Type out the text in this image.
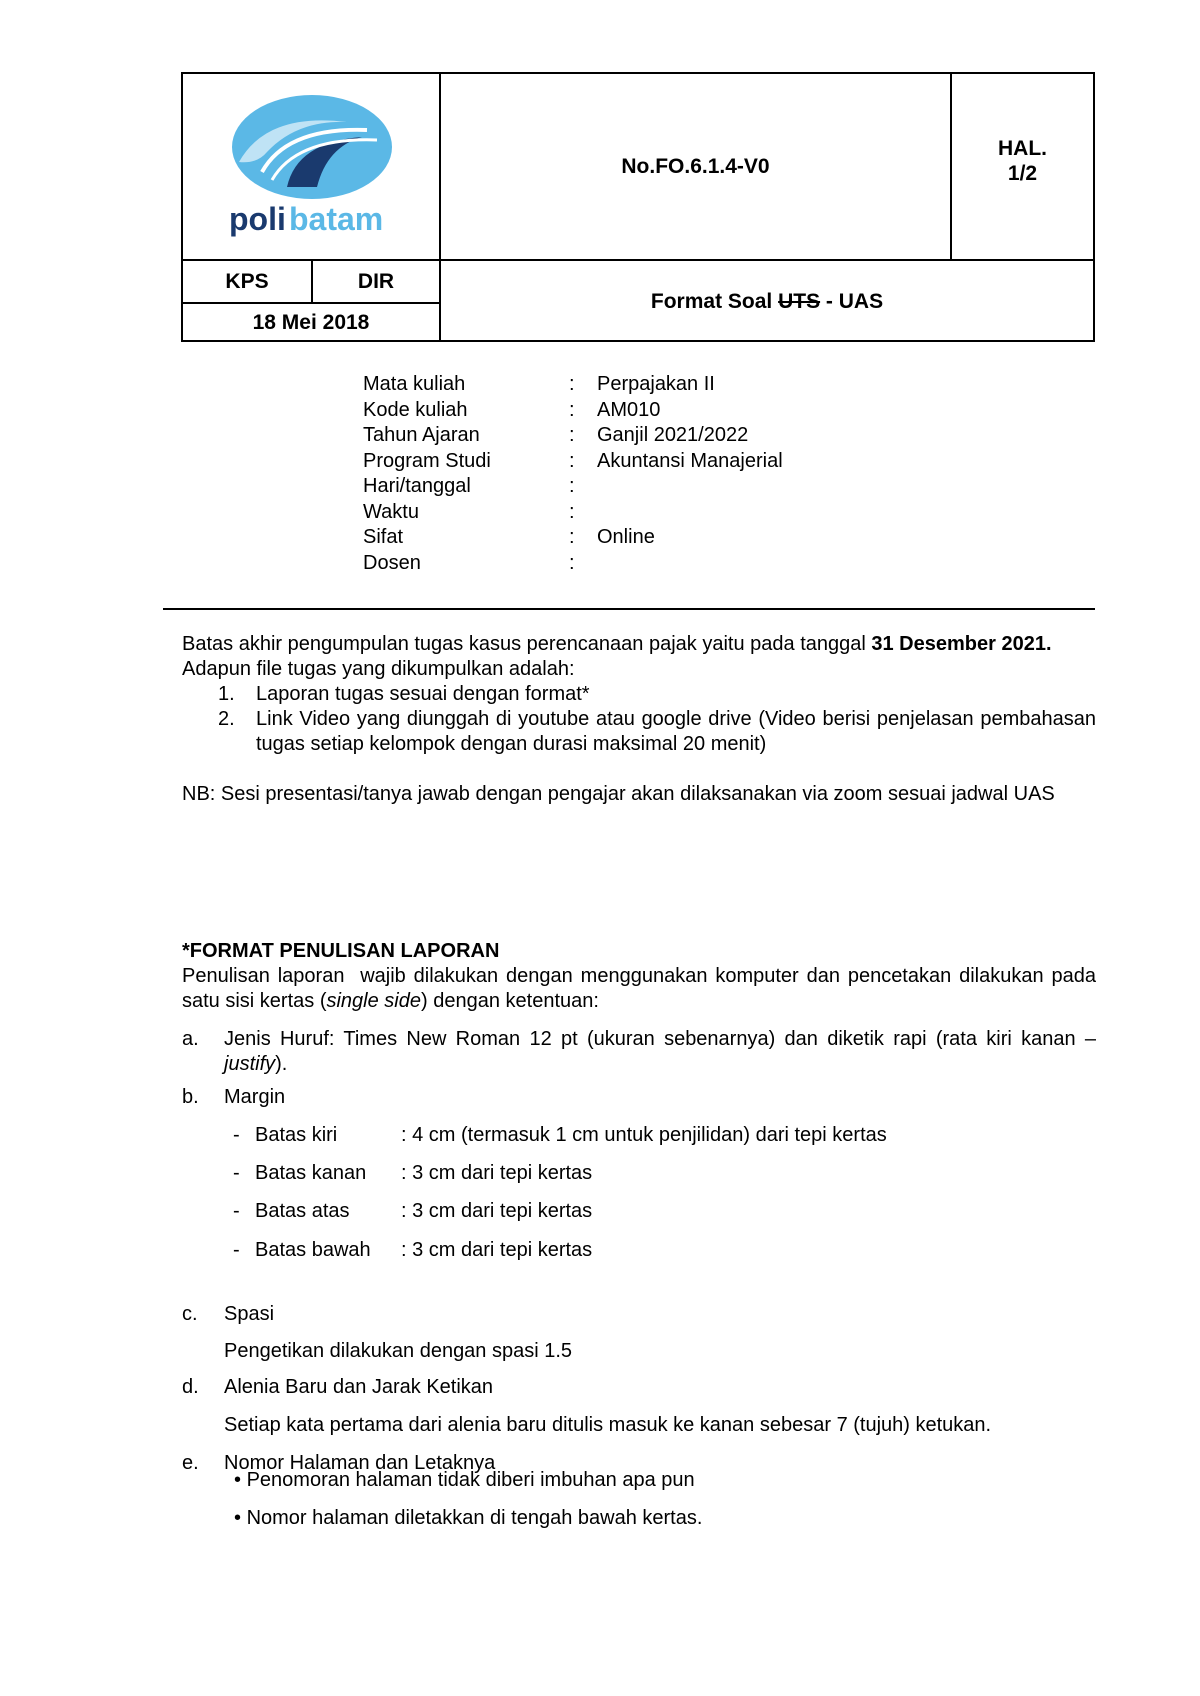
poli batam
No.FO.6.1.4-V0
HAL.
1/2
KPS	DIR
18 Mei 2018
Format Soal UTS - UAS
Mata kuliah	:	Perpajakan II
Kode kuliah	:	AM010
Tahun Ajaran	:	Ganjil 2021/2022
Program Studi	:	Akuntansi Manajerial
Hari/tanggal	:
Waktu	:
Sifat	:	Online
Dosen	:

Batas akhir pengumpulan tugas kasus perencanaan pajak yaitu pada tanggal 31 Desember 2021.

Adapun file tugas yang dikumpulkan adalah:

1. Laporan tugas sesuai dengan format*
2. Link Video yang diunggah di youtube atau google drive (Video berisi penjelasan pembahasan tugas setiap kelompok dengan durasi maksimal 20 menit)

NB: Sesi presentasi/tanya jawab dengan pengajar akan dilaksanakan via zoom sesuai jadwal UAS

*FORMAT PENULISAN LAPORAN

Penulisan laporan  wajib dilakukan dengan menggunakan komputer dan pencetakan dilakukan pada satu sisi kertas (single side) dengan ketentuan:

a. Jenis Huruf: Times New Roman 12 pt (ukuran sebenarnya) dan diketik rapi (rata kiri kanan – justify).
b. Margin
c. Spasi
Pengetikan dilakukan dengan spasi 1.5
d. Alenia Baru dan Jarak Ketikan
Setiap kata pertama dari alenia baru ditulis masuk ke kanan sebesar 7 (tujuh) ketukan.
e. Nomor Halaman dan Letaknya
- Batas kiri	: 4 cm (termasuk 1 cm untuk penjilidan) dari tepi kertas
- Batas kanan : 3 cm dari tepi kertas
- Batas atas	: 3 cm dari tepi kertas
- Batas bawah : 3 cm dari tepi kertas
• Penomoran halaman tidak diberi imbuhan apa pun
• Nomor halaman diletakkan di tengah bawah kertas.
